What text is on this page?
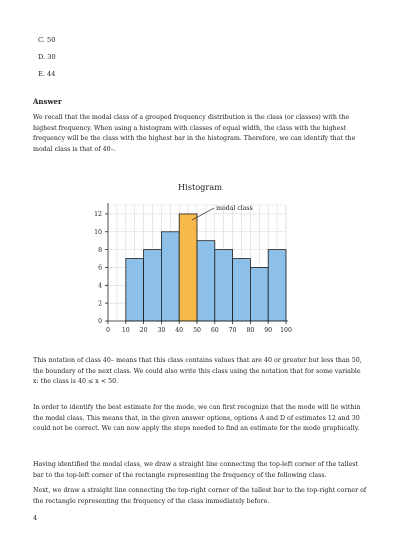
C. 50
D. 30
E. 44
Answer

We recall that the modal class of a grouped frequency distribution is the class (or classes) with the highest frequency. When using a histogram with classes of equal width, the class with the highest frequency will be the class with the highest bar in the histogram. Therefore, we can identify that the modal class is that of 40–.

Histogram
0
2
4
6
8
10
12
0 10 20 30 40 50 60 70 80 90 100
modal class

This notation of class 40– means that this class contains values that are 40 or greater but less than 50, the boundary of the next class. We could also write this class using the notation that for some variable x: the class is 40 ≤ x < 50.

In order to identify the best estimate for the mode, we can first recognize that the mode will lie within the modal class. This means that, in the given answer options, options A and D of estimates 12 and 30 could not be correct. We can now apply the steps needed to find an estimate for the mode graphically.

Having identified the modal class, we draw a straight line connecting the top-left corner of the tallest bar to the top-left corner of the rectangle representing the frequency of the following class.

Next, we draw a straight line connecting the top-right corner of the tallest bar to the top-right corner of the rectangle representing the frequency of the class immediately before.

4
